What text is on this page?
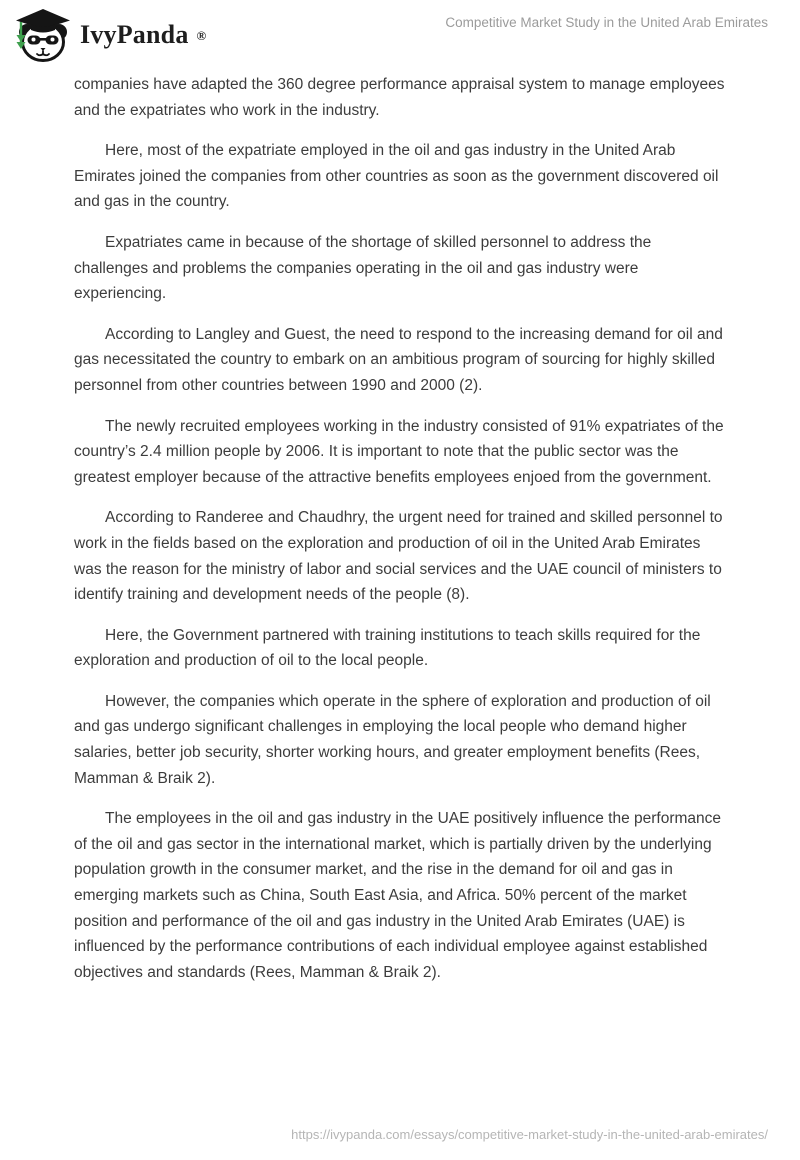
IvyPanda ®
Competitive Market Study in the United Arab Emirates

companies have adapted the 360 degree performance appraisal system to manage employees and the expatriates who work in the industry.

Here, most of the expatriate employed in the oil and gas industry in the United Arab Emirates joined the companies from other countries as soon as the government discovered oil and gas in the country.

Expatriates came in because of the shortage of skilled personnel to address the challenges and problems the companies operating in the oil and gas industry were experiencing.

According to Langley and Guest, the need to respond to the increasing demand for oil and gas necessitated the country to embark on an ambitious program of sourcing for highly skilled personnel from other countries between 1990 and 2000 (2).

The newly recruited employees working in the industry consisted of 91% expatriates of the country’s 2.4 million people by 2006. It is important to note that the public sector was the greatest employer because of the attractive benefits employees enjoed from the government.

According to Randeree and Chaudhry, the urgent need for trained and skilled personnel to work in the fields based on the exploration and production of oil in the United Arab Emirates was the reason for the ministry of labor and social services and the UAE council of ministers to identify training and development needs of the people (8).

Here, the Government partnered with training institutions to teach skills required for the exploration and production of oil to the local people.

However, the companies which operate in the sphere of exploration and production of oil and gas undergo significant challenges in employing the local people who demand higher salaries, better job security, shorter working hours, and greater employment benefits (Rees, Mamman & Braik 2).

The employees in the oil and gas industry in the UAE positively influence the performance of the oil and gas sector in the international market, which is partially driven by the underlying population growth in the consumer market, and the rise in the demand for oil and gas in emerging markets such as China, South East Asia, and Africa. 50% percent of the market position and performance of the oil and gas industry in the United Arab Emirates (UAE) is influenced by the performance contributions of each individual employee against established objectives and standards (Rees, Mamman & Braik 2).

https://ivypanda.com/essays/competitive-market-study-in-the-united-arab-emirates/
